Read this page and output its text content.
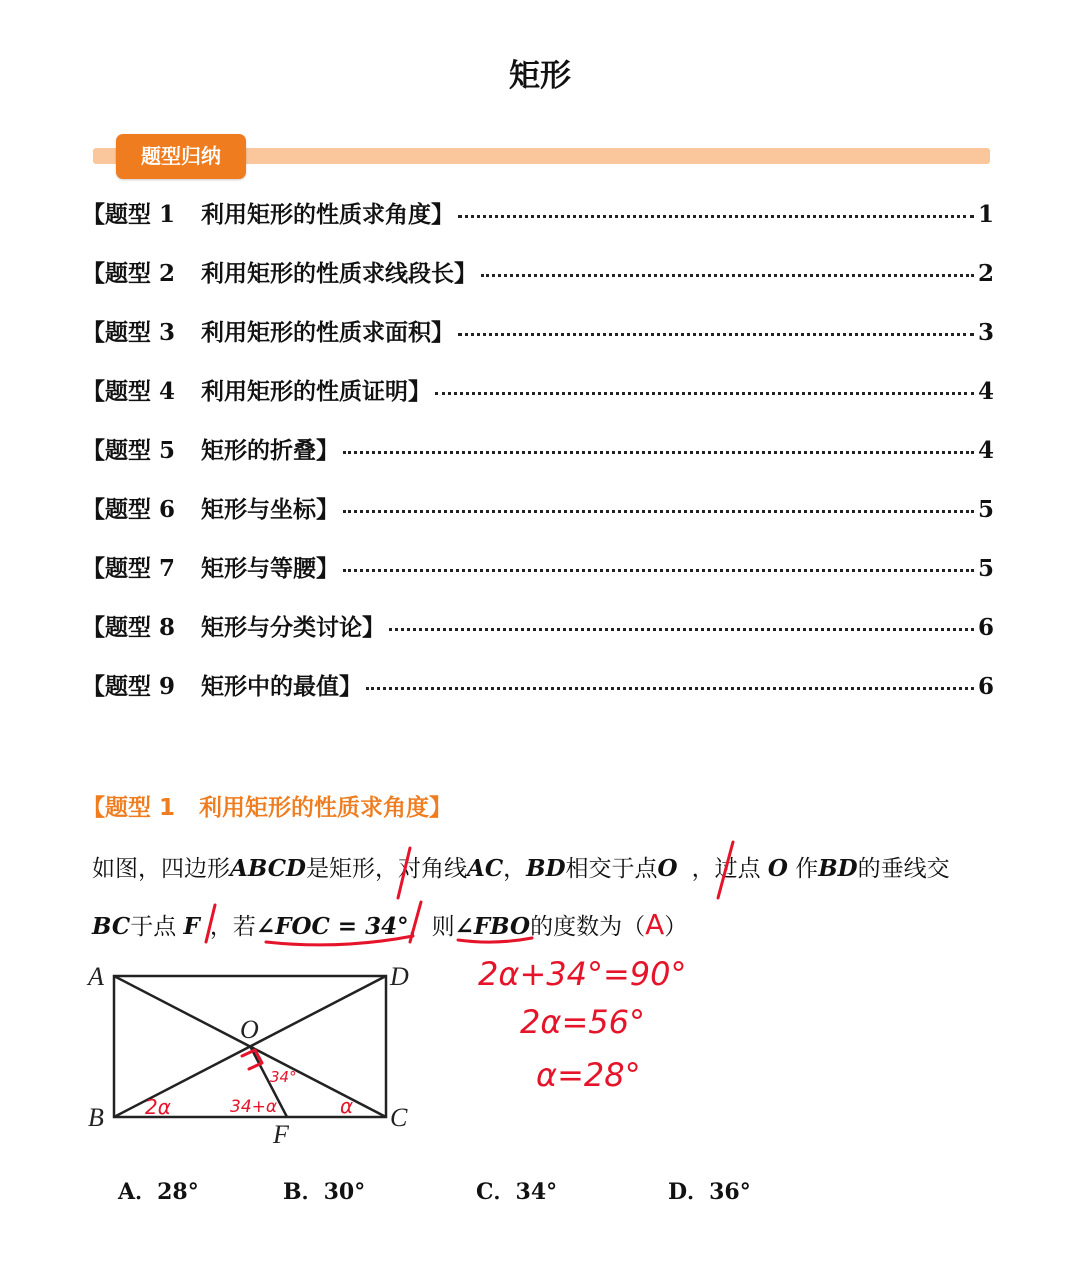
矩形
题型归纳
【题型 1 利用矩形的性质求角度】	1
【题型 2 利用矩形的性质求线段长】	2
【题型 3 利用矩形的性质求面积】	3
【题型 4 利用矩形的性质证明】	4
【题型 5 矩形的折叠】	4
【题型 6 矩形与坐标】	5
【题型 7 矩形与等腰】	5
【题型 8 矩形与分类讨论】	6
【题型 9 矩形中的最值】	6
【题型 1 利用矩形的性质求角度】
如图，四边形ABCD是矩形，对角线AC，BD相交于点O ，过点 O 作BD的垂线交
BC于点 F ，若∠FOC = 34°，则∠FBO的度数为（A）
A	D
B	C
O
F
2α	34+α
34°
α
2α+34°=90°
2α=56°
α=28°
A．28°	B．30°	C．34°	D．36°
